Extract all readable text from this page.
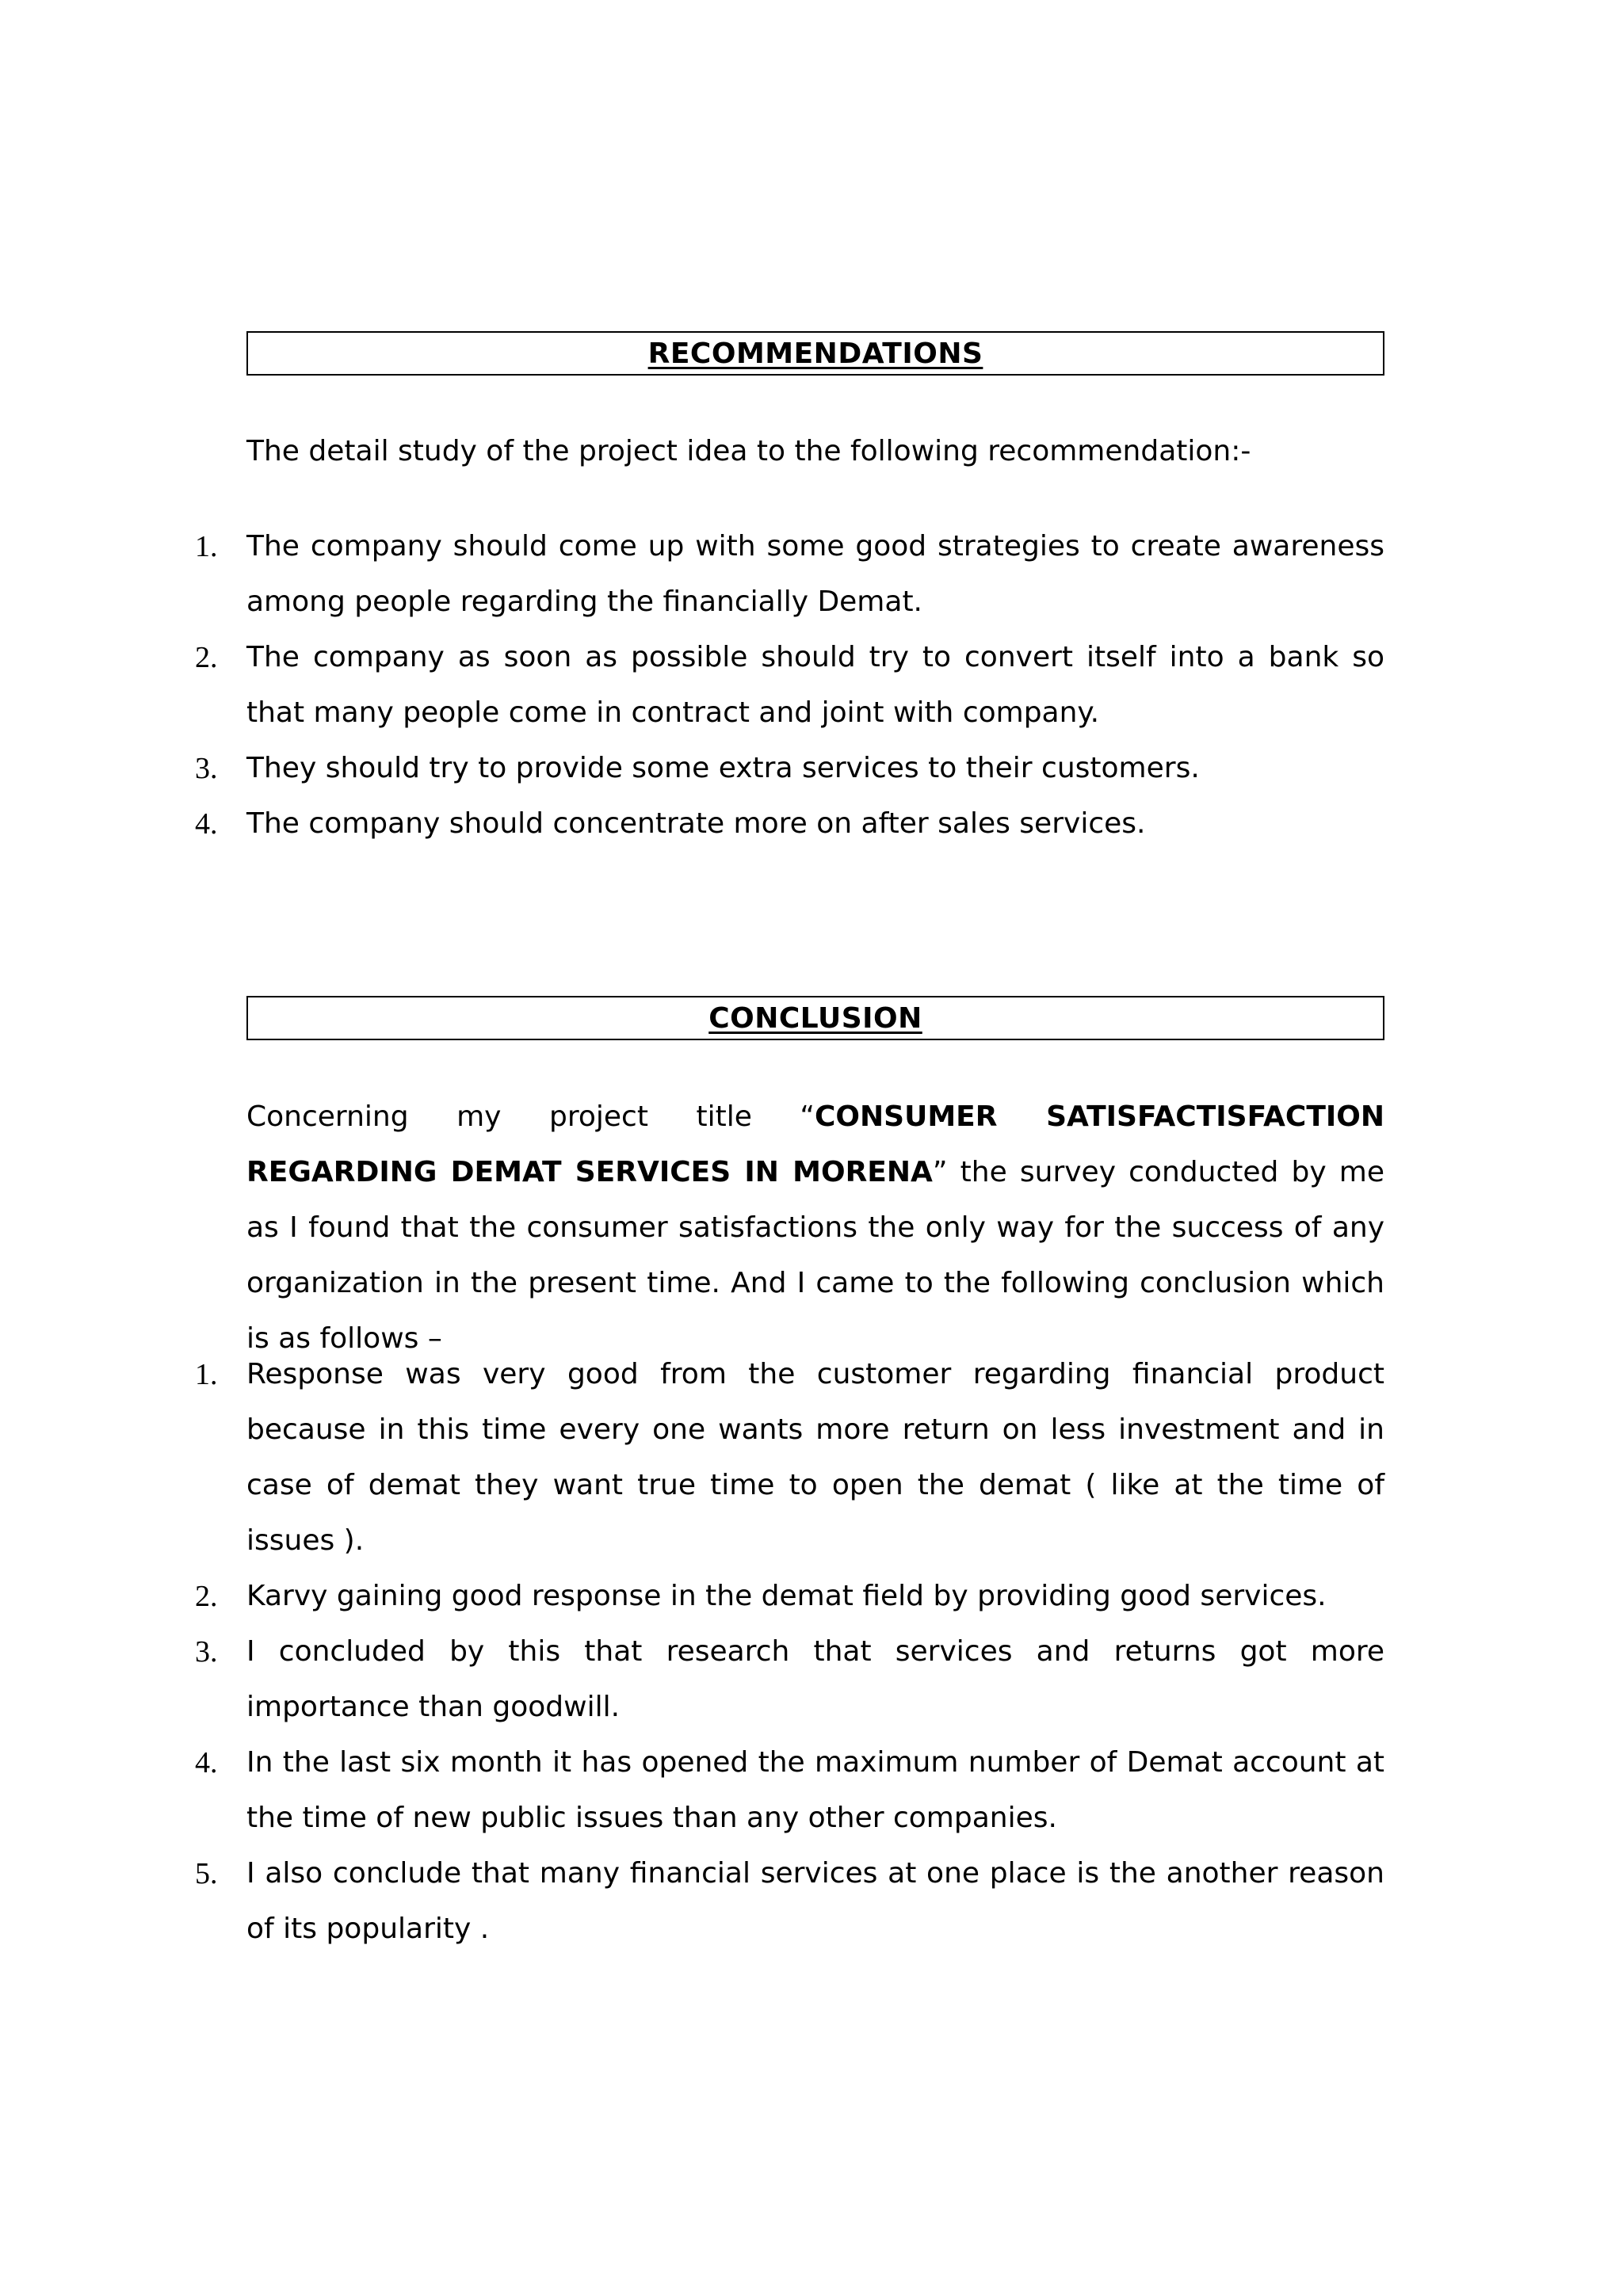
RECOMMENDATIONS

The detail study of the project idea to the following recommendation:-

1.	The company should come up with some good strategies to create awareness among people regarding the financially Demat.
2.	The company as soon as possible should try to convert itself into a bank so that many people come in contract and joint with company.
3.	They should try to provide some extra services to their customers.
4.	The company should concentrate more on after sales services.
CONCLUSION

Concerning my project title “CONSUMER SATISFACTISFACTION REGARDING DEMAT SERVICES IN MORENA” the survey conducted by me as I found that the consumer satisfactions the only way for the success of any organization in the present time. And I came to the following conclusion which is as follows –

1.	Response was very good from the customer regarding financial product because in this time every one wants more return on less investment and in case of demat they want true time to open the demat ( like at the time of issues ).
2.	Karvy gaining good response in the demat field by providing good services.
3.	I concluded by this that research that services and returns got more importance than goodwill.
4.	In the last six month it has opened the maximum number of Demat account at the time of new public issues than any other companies.
5.	I also conclude that many financial services at one place is the another reason of its popularity .
